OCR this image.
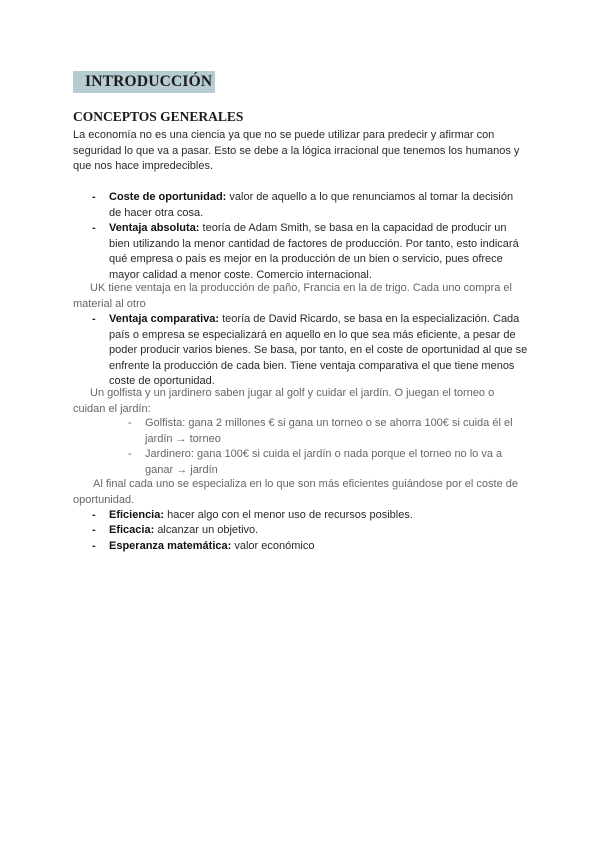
INTRODUCCIÓN
CONCEPTOS GENERALES
La economía no es una ciencia ya que no se puede utilizar para predecir y afirmar con seguridad lo que va a pasar. Esto se debe a la lógica irracional que tenemos los humanos y que nos hace impredecibles.
- Coste de oportunidad: valor de aquello a lo que renunciamos al tomar la decisión de hacer otra cosa.
- Ventaja absoluta: teoría de Adam Smith, se basa en la capacidad de producir un bien utilizando la menor cantidad de factores de producción. Por tanto, esto indicará qué empresa o país es mejor en la producción de un bien o servicio, pues ofrece mayor calidad a menor coste. Comercio internacional.
UK tiene ventaja en la producción de paño, Francia en la de trigo. Cada uno compra el material al otro
- Ventaja comparativa: teoría de David Ricardo, se basa en la especialización. Cada país o empresa se especializará en aquello en lo que sea más eficiente, a pesar de poder producir varios bienes. Se basa, por tanto, en el coste de oportunidad al que se enfrente la producción de cada bien. Tiene ventaja comparativa el que tiene menos coste de oportunidad.
Un golfista y un jardinero saben jugar al golf y cuidar el jardín. O juegan el torneo o cuidan el jardín:
- Golfista: gana 2 millones € si gana un torneo o se ahorra 100€ si cuida él el jardín → torneo
- Jardinero: gana 100€ si cuida el jardín o nada porque el torneo no lo va a ganar → jardín
Al final cada uno se especializa en lo que son más eficientes guiándose por el coste de oportunidad.
- Eficiencia: hacer algo con el menor uso de recursos posibles.
- Eficacia: alcanzar un objetivo.
- Esperanza matemática: valor económico
